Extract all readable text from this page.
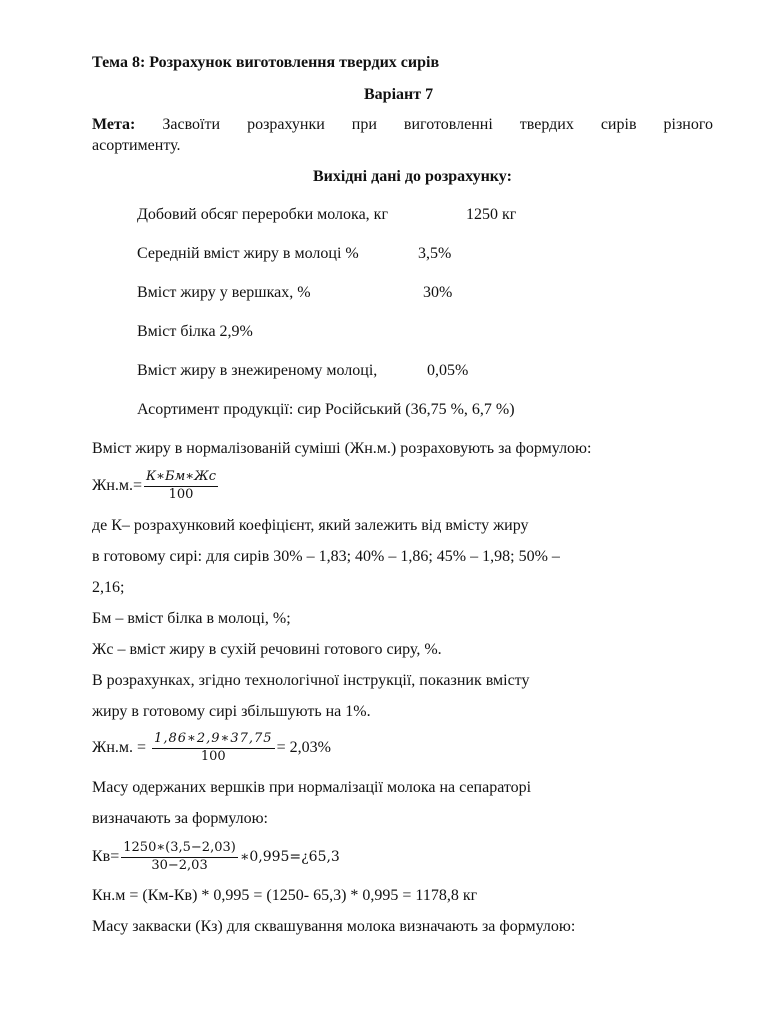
Тема 8: Розрахунок виготовлення твердих сирів
Варіант 7
Мета: Засвоїти розрахунки при виготовленні твердих сирів різного
асортименту.
Вихідні дані до розрахунку:
Добовий обсяг переробки молока, кг	1250 кг
Середній вміст жиру в молоці %	3,5%
Вміст жиру у вершках, %	30%
Вміст білка 2,9%
Вміст жиру в знежиреному молоці,	0,05%
Асортимент продукції: сир Російський (36,75 %, 6,7 %)
Вміст жиру в нормалізованій суміші (Жн.м.) розраховують за формулою:
$Жн.м.= \frac{К∗Бм∗Жс}{100}$
де К– розрахунковий коефіцієнт, який залежить від вмісту жиру
в готовому сирі: для сирів 30% – 1,83; 40% – 1,86; 45% – 1,98; 50% –
2,16;
Бм – вміст білка в молоці, %;
Жс – вміст жиру в сухій речовині готового сиру, %.
В розрахунках, згідно технологічної інструкції, показник вмісту
жиру в готовому сирі збільшують на 1%.
Жн.м. = $\frac{1,86∗2,9∗37,75}{100} = 2,03\%$
Масу одержаних вершків при нормалізації молока на сепараторі
визначають за формулою:
$Кв= \frac{1250∗(3,5-2,03)}{30-2,03}$ ∗0,995=¿65,3
Кн.м = (Км-Кв) * 0,995 = (1250- 65,3) * 0,995 = 1178,8 кг
Масу закваски (Кз) для сквашування молока визначають за формулою:
